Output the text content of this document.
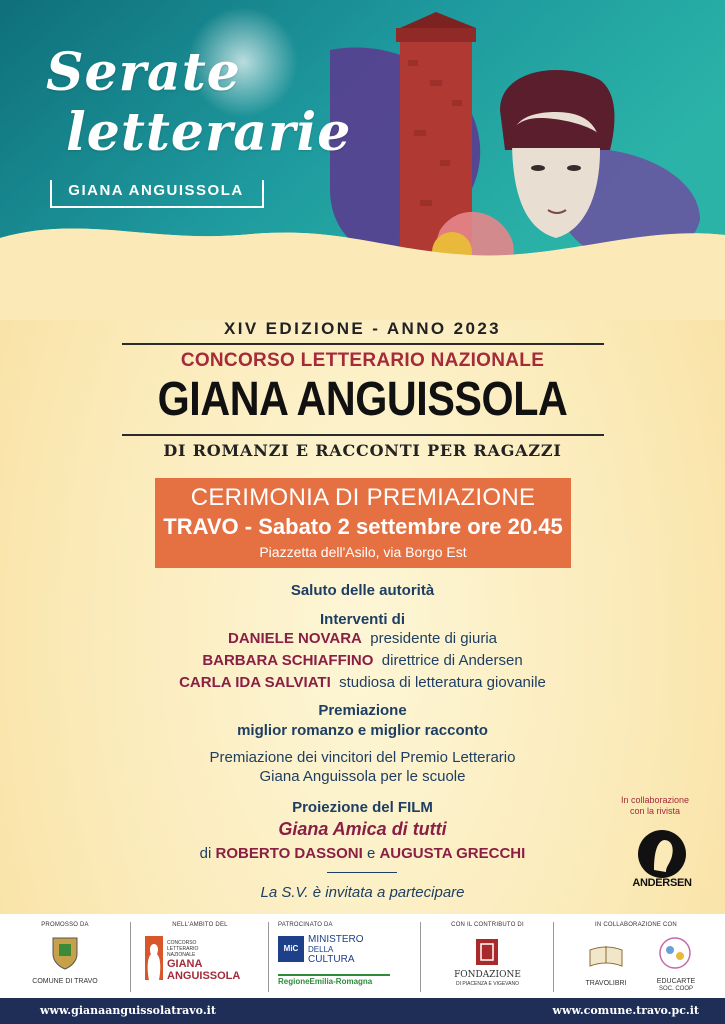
Serate
letterarie
GIANA ANGUISSOLA
XIV EDIZIONE - ANNO 2023
CONCORSO LETTERARIO NAZIONALE
GIANA ANGUISSOLA
DI ROMANZI E RACCONTI PER RAGAZZI
CERIMONIA DI PREMIAZIONE
TRAVO - Sabato 2 settembre ore 20.45
Piazzetta dell'Asilo, via Borgo Est
Saluto delle autorità
Interventi di
DANIELE NOVARA presidente di giuria
BARBARA SCHIAFFINO direttrice di Andersen
CARLA IDA SALVIATI studiosa di letteratura giovanile
Premiazione
miglior romanzo e miglior racconto
Premiazione dei vincitori del Premio Letterario
Giana Anguissola per le scuole
Proiezione del FILM
Giana Amica di tutti
di ROBERTO DASSONI e AUGUSTA GRECCHI
La S.V. è invitata a partecipare
In collaborazione
con la rivista
ANDERSEN
PROMOSSO DA
COMUNE DI TRAVO
NELL'AMBITO DEL
CONCORSO LETTERARIO NAZIONALE
GIANA
ANGUISSOLA
PATROCINATO DA
MiC
MINISTERO
DELLA
CULTURA
RegioneEmilia-Romagna
CON IL CONTRIBUTO DI
FONDAZIONE
DI PIACENZA E VIGEVANO
IN COLLABORAZIONE CON
TRAVOLIBRI	EDUCARTE
SOC. COOP
www.gianaanguissolatravo.it	www.comune.travo.pc.it
